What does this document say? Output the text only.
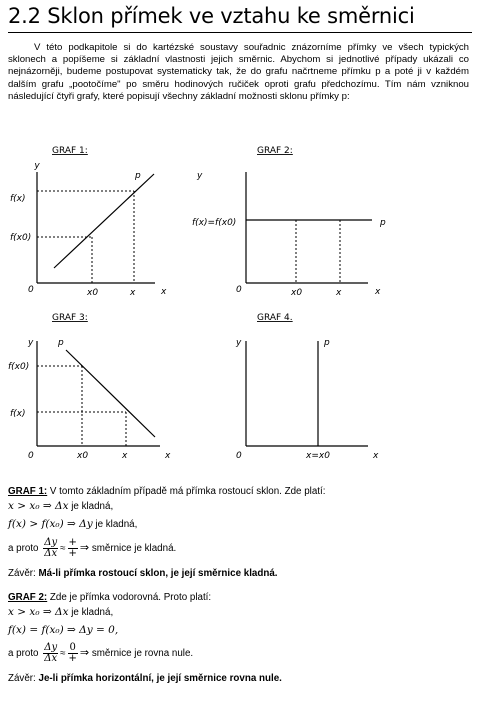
2.2 Sklon přímek ve vztahu ke směrnici

V této podkapitole si do kartézské soustavy souřadnic znázorníme přímky ve všech typických sklonech a popíšeme si základní vlastnosti jejich směrnic. Abychom si jednotlivé případy ukázali co nejnázorněji, budeme postupovat systematicky tak, že do grafu načrtneme přímku p a poté ji v každém dalším grafu „pootočíme" po směru hodinových ručiček oproti grafu předchozímu. Tím nám vzniknou následující čtyři grafy, které popisují všechny základní možnosti sklonu přímky p:

GRAF 1:
y
p
f(x)
f(x0)
0	x0	x	x
GRAF 2:
y
f(x)=f(x0)	p
0	x0	x	x
GRAF 3:
y	p
f(x0)
f(x)
0	x0	x	x
GRAF 4.
y	p
0	x=x0	x
GRAF 1: V tomto základním případě má přímka rostoucí sklon. Zde platí:
x > x₀ ⇒ Δx je kladná,
f(x) > f(x₀) ⇒ Δy je kladná,
a proto $\frac{\Delta y}{\Delta x} \approx \frac{+}{+}$ ⇒ směrnice je kladná.
Závěr: Má-li přímka rostoucí sklon, je její směrnice kladná.
GRAF 2: Zde je přímka vodorovná. Proto platí:
x > x₀ ⇒ Δx je kladná,
f(x) = f(x₀) ⇒ Δy = 0,
a proto $\frac{\Delta y}{\Delta x} \approx \frac{0}{+}$ ⇒ směrnice je rovna nule.
Závěr: Je-li přímka horizontální, je její směrnice rovna nule.
